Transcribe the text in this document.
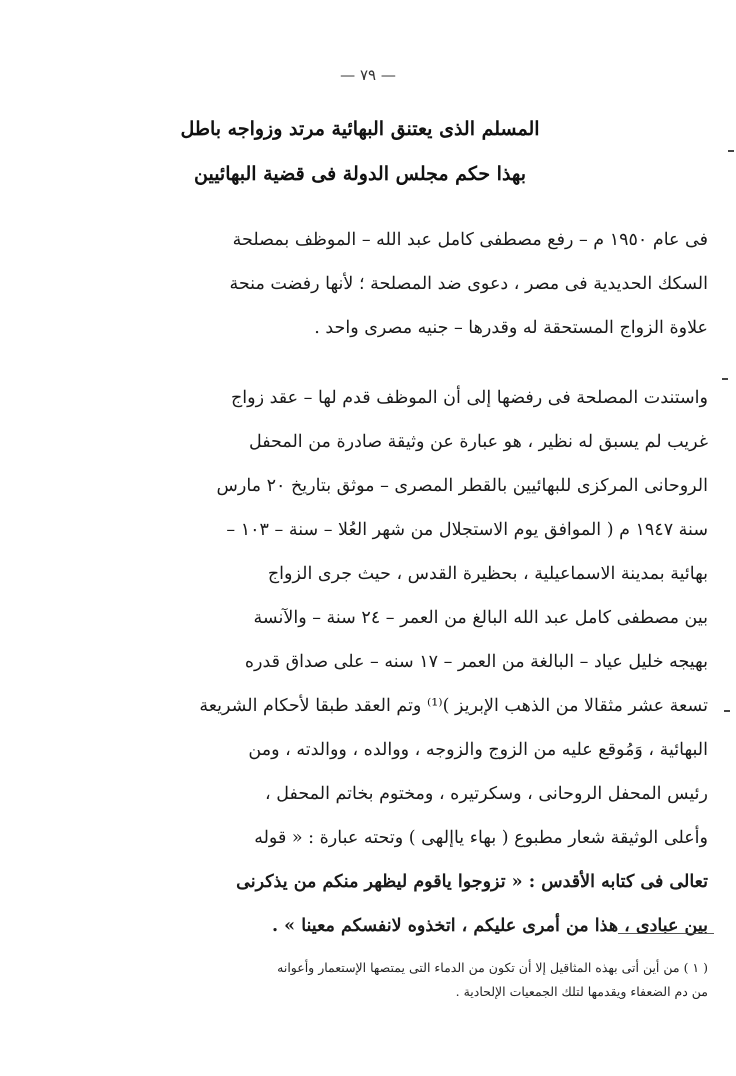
— ٧٩ —
المسلم الذى يعتنق البهائية مرتد وزواجه باطل
بهذا حكم مجلس الدولة فى قضية البهائيين
فى عام ١٩٥٠ م – رفع مصطفى كامل عبد الله – الموظف بمصلحة
السكك الحديدية فى مصر ، دعوى ضد المصلحة ؛ لأنها رفضت منحة
علاوة الزواج المستحقة له وقدرها – جنيه مصرى واحد .
واستندت المصلحة فى رفضها إلى أن الموظف قدم لها – عقد زواج
غريب لم يسبق له نظير ، هو عبارة عن وثيقة صادرة من المحفل
الروحانى المركزى للبهائيين بالقطر المصرى – موثق بتاريخ ٢٠ مارس
سنة ١٩٤٧ م ( الموافق يوم الاستجلال من شهر العُلا – سنة – ١٠٣ –
بهائية بمدينة الاسماعيلية ، بحظيرة القدس ، حيث جرى الزواج
بين مصطفى كامل عبد الله البالغ من العمر – ٢٤ سنة – والآنسة
بهيجه خليل عياد – البالغة من العمر – ١٧ سنه – على صداق قدره
تسعة عشر مثقالا من الذهب الإبريز )⁽¹⁾ وتم العقد طبقا لأحكام الشريعة
البهائية ، وَمُوقع عليه من الزوج والزوجه ، ووالده ، ووالدته ، ومن
رئيس المحفل الروحانى ، وسكرتيره ، ومختوم بخاتم المحفل ،
وأعلى الوثيقة شعار مطبوع ( بهاء ياإلهى ) وتحته عبارة : « قوله
تعالى فى كتابه الأقدس : « تزوجوا ياقوم ليظهر منكم من يذكرنى
بين عبادى ، هذا من أمرى عليكم ، اتخذوه لانفسكم معينا » .
( ١ ) من أين أتى بهذه المثاقيل إلا أن تكون من الدماء التى يمتصها الإستعمار وأعوانه
من دم الضعفاء ويقدمها لتلك الجمعيات الإلحادية .
